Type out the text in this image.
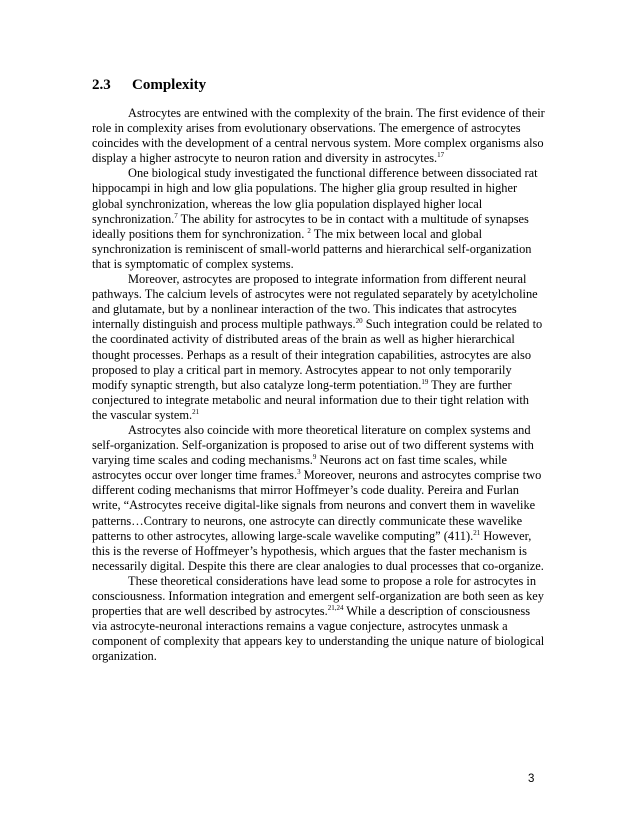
2.3 Complexity

Astrocytes are entwined with the complexity of the brain. The first evidence of their role in complexity arises from evolutionary observations. The emergence of astrocytes coincides with the development of a central nervous system. More complex organisms also display a higher astrocyte to neuron ration and diversity in astrocytes.$^{17}$

One biological study investigated the functional difference between dissociated rat hippocampi in high and low glia populations. The higher glia group resulted in higher global synchronization, whereas the low glia population displayed higher local synchronization.$^7$ The ability for astrocytes to be in contact with a multitude of synapses ideally positions them for synchronization. $^2$ The mix between local and global synchronization is reminiscent of small-world patterns and hierarchical self-organization that is symptomatic of complex systems.

Moreover, astrocytes are proposed to integrate information from different neural pathways. The calcium levels of astrocytes were not regulated separately by acetylcholine and glutamate, but by a nonlinear interaction of the two. This indicates that astrocytes internally distinguish and process multiple pathways.$^{20}$ Such integration could be related to the coordinated activity of distributed areas of the brain as well as higher hierarchical thought processes. Perhaps as a result of their integration capabilities, astrocytes are also proposed to play a critical part in memory. Astrocytes appear to not only temporarily modify synaptic strength, but also catalyze long-term potentiation.$^{19}$ They are further conjectured to integrate metabolic and neural information due to their tight relation with the vascular system.$^{21}$

Astrocytes also coincide with more theoretical literature on complex systems and self-organization. Self-organization is proposed to arise out of two different systems with varying time scales and coding mechanisms.$^9$ Neurons act on fast time scales, while astrocytes occur over longer time frames.$^3$ Moreover, neurons and astrocytes comprise two different coding mechanisms that mirror Hoffmeyer’s code duality. Pereira and Furlan write, “Astrocytes receive digital-like signals from neurons and convert them in wavelike patterns…Contrary to neurons, one astrocyte can directly communicate these wavelike patterns to other astrocytes, allowing large-scale wavelike computing” (411).$^{21}$ However, this is the reverse of Hoffmeyer’s hypothesis, which argues that the faster mechanism is necessarily digital. Despite this there are clear analogies to dual processes that co-organize.

These theoretical considerations have lead some to propose a role for astrocytes in consciousness. Information integration and emergent self-organization are both seen as key properties that are well described by astrocytes.$^{21,24}$ While a description of consciousness via astrocyte-neuronal interactions remains a vague conjecture, astrocytes unmask a component of complexity that appears key to understanding the unique nature of biological organization.

3
